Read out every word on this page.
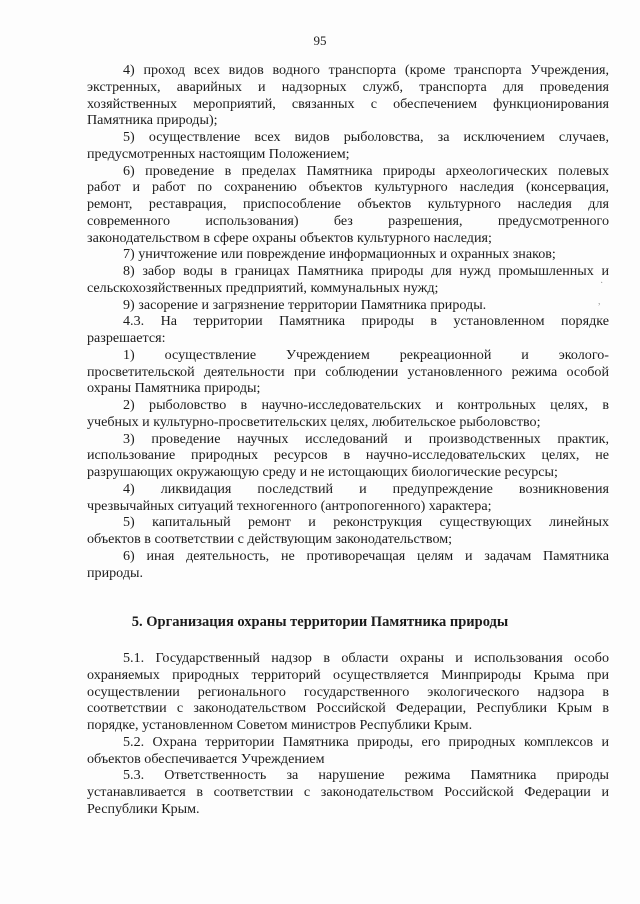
95
4) проход всех видов водного транспорта (кроме транспорта Учреждения,
экстренных, аварийных и надзорных служб, транспорта для проведения
хозяйственных мероприятий, связанных с обеспечением функционирования
Памятника природы);
5) осуществление всех видов рыболовства, за исключением случаев,
предусмотренных настоящим Положением;
6) проведение в пределах Памятника природы археологических полевых
работ и работ по сохранению объектов культурного наследия (консервация,
ремонт, реставрация, приспособление объектов культурного наследия для
современного использования) без разрешения, предусмотренного
законодательством в сфере охраны объектов культурного наследия;
7) уничтожение или повреждение информационных и охранных знаков;
8) забор воды в границах Памятника природы для нужд промышленных и
сельскохозяйственных предприятий, коммунальных нужд;
9) засорение и загрязнение территории Памятника природы.
4.3. На территории Памятника природы в установленном порядке
разрешается:
1) осуществление Учреждением рекреационной и эколого-
просветительской деятельности при соблюдении установленного режима особой
охраны Памятника природы;
2) рыболовство в научно-исследовательских и контрольных целях, в
учебных и культурно-просветительских целях, любительское рыболовство;
3) проведение научных исследований и производственных практик,
использование природных ресурсов в научно-исследовательских целях, не
разрушающих окружающую среду и не истощающих биологические ресурсы;
4) ликвидация последствий и предупреждение возникновения
чрезвычайных ситуаций техногенного (антропогенного) характера;
5) капитальный ремонт и реконструкция существующих линейных
объектов в соответствии с действующим законодательством;
6) иная деятельность, не противоречащая целям и задачам Памятника
природы.
5. Организация охраны территории Памятника природы
5.1. Государственный надзор в области охраны и использования особо
охраняемых природных территорий осуществляется Минприроды Крыма при
осуществлении регионального государственного экологического надзора в
соответствии с законодательством Российской Федерации, Республики Крым в
порядке, установленном Советом министров Республики Крым.
5.2. Охрана территории Памятника природы, его природных комплексов и
объектов обеспечивается Учреждением
5.3. Ответственность за нарушение режима Памятника природы
устанавливается в соответствии с законодательством Российской Федерации и
Республики Крым.
·
,
